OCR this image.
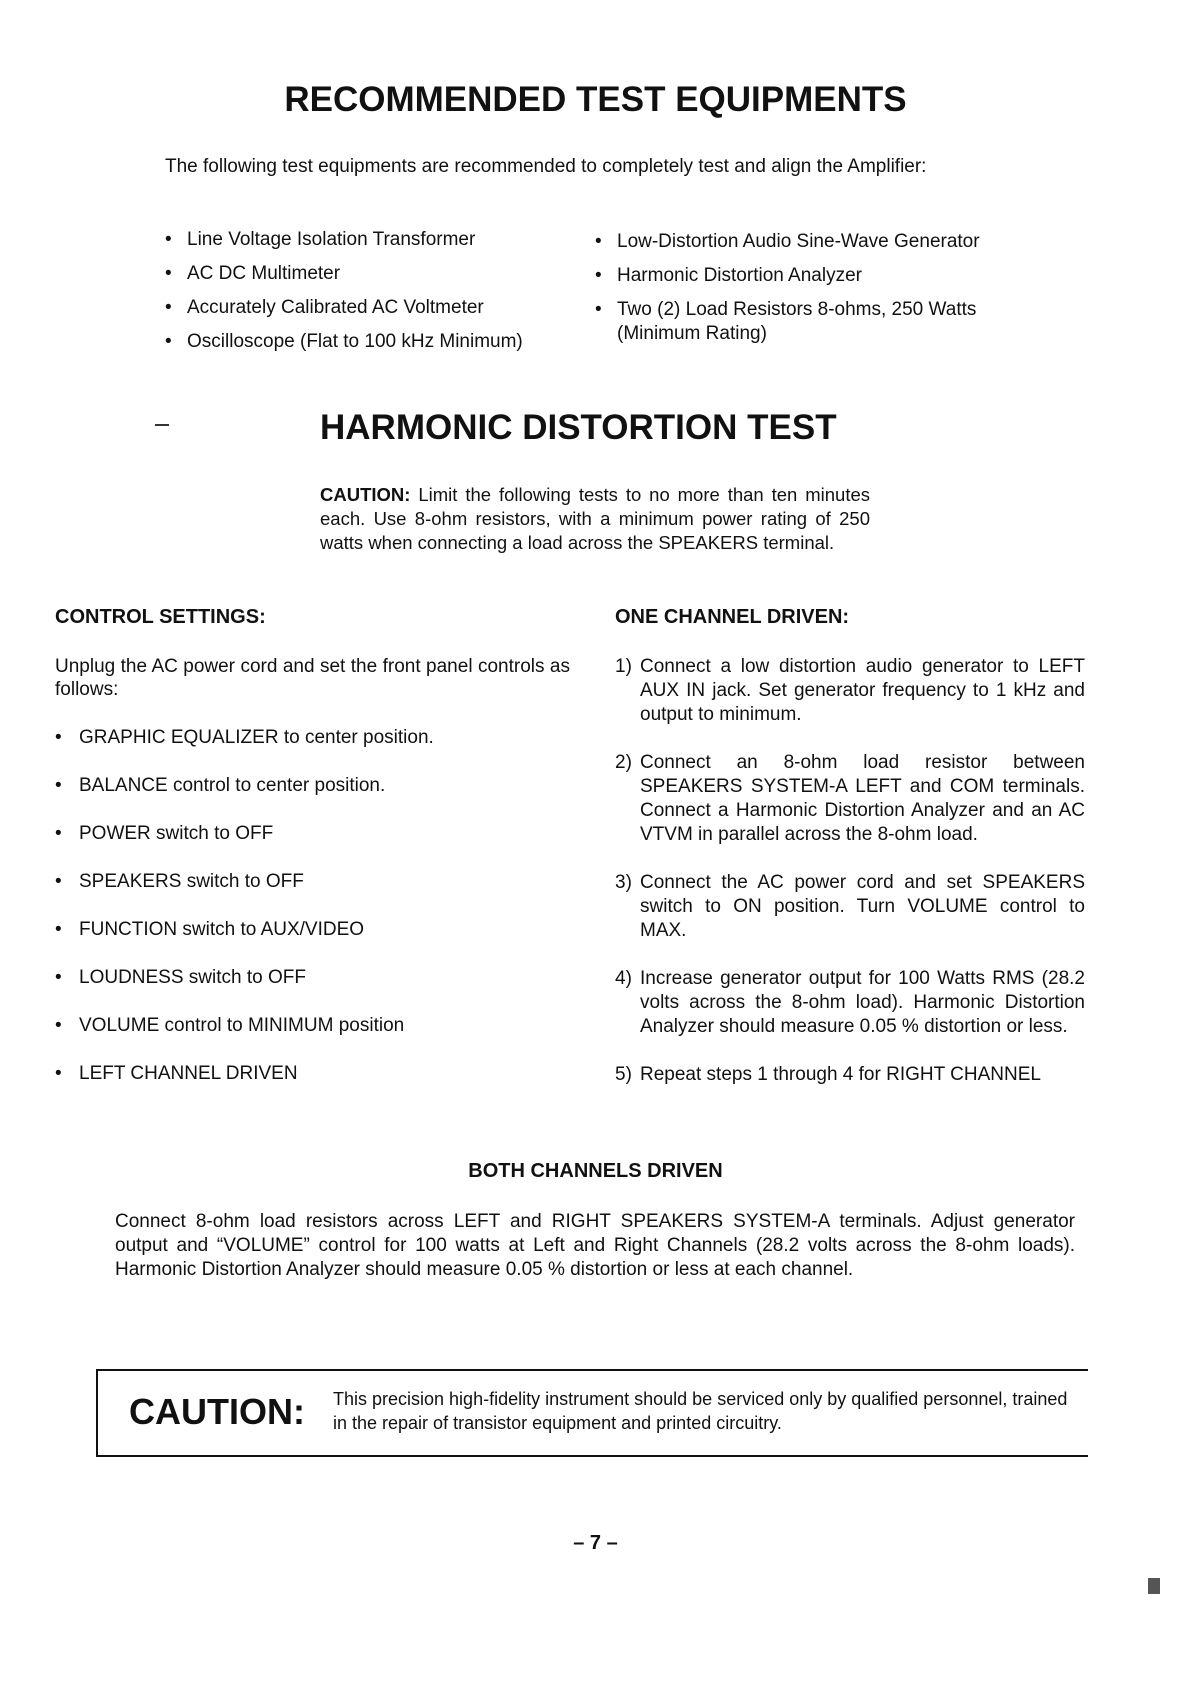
RECOMMENDED TEST EQUIPMENTS

The following test equipments are recommended to completely test and align the Amplifier:

• Line Voltage Isolation Transformer
• AC DC Multimeter
• Accurately Calibrated AC Voltmeter
• Oscilloscope (Flat to 100 kHz Minimum)
• Low-Distortion Audio Sine-Wave Generator
• Harmonic Distortion Analyzer
• Two (2) Load Resistors 8-ohms, 250 Watts (Minimum Rating)
HARMONIC DISTORTION TEST

CAUTION: Limit the following tests to no more than ten minutes each. Use 8-ohm resistors, with a minimum power rating of 250 watts when connecting a load across the SPEAKERS terminal.

CONTROL SETTINGS:

Unplug the AC power cord and set the front panel controls as follows:

• GRAPHIC EQUALIZER to center position.
• BALANCE control to center position.
• POWER switch to OFF
• SPEAKERS switch to OFF
• FUNCTION switch to AUX/VIDEO
• LOUDNESS switch to OFF
• VOLUME control to MINIMUM position
• LEFT CHANNEL DRIVEN
ONE CHANNEL DRIVEN:
1) Connect a low distortion audio generator to LEFT AUX IN jack. Set generator frequency to 1 kHz and output to minimum.
2) Connect an 8-ohm load resistor between SPEAKERS SYSTEM-A LEFT and COM terminals. Connect a Harmonic Distortion Analyzer and an AC VTVM in parallel across the 8-ohm load.
3) Connect the AC power cord and set SPEAKERS switch to ON position. Turn VOLUME control to MAX.
4) Increase generator output for 100 Watts RMS (28.2 volts across the 8-ohm load). Harmonic Distortion Analyzer should measure 0.05 % distortion or less.
5) Repeat steps 1 through 4 for RIGHT CHANNEL
BOTH CHANNELS DRIVEN

Connect 8-ohm load resistors across LEFT and RIGHT SPEAKERS SYSTEM-A terminals. Adjust generator output and “VOLUME” control for 100 watts at Left and Right Channels (28.2 volts across the 8-ohm loads). Harmonic Distortion Analyzer should measure 0.05 % distortion or less at each channel.

CAUTION: This precision high-fidelity instrument should be serviced only by qualified personnel, trained in the repair of transistor equipment and printed circuitry.

– 7 –
